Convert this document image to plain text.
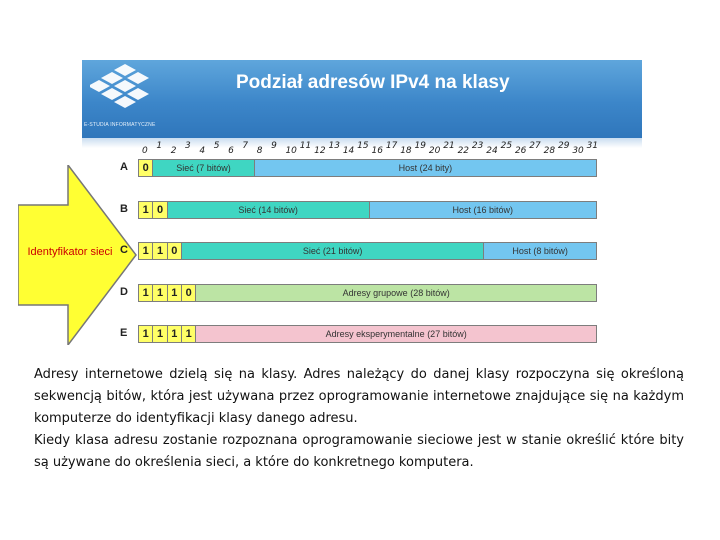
E-STUDIA INFORMATYCZNE
Podział adresów IPv4 na klasy
0 1 2 3 4 5 6 7 8 9 10 11 12 13 14 15 16 17 18 19 20 21 22 23 24 25 26 27 28 29 30 31
Identyfikator sieci
A	0	Sieć (7 bitów)	Host (24 bity)
B	1 0	Sieć (14 bitów)	Host (16 bitów)
C	1 1 0	Sieć (21 bitów)	Host (8 bitów)
D	1 1 1 0	Adresy grupowe (28 bitów)
E	1 1 1 1	Adresy eksperymentalne (27 bitów)

Adresy internetowe dzielą się na klasy. Adres należący do danej klasy rozpoczyna się określoną sekwencją bitów, która jest używana przez oprogramowanie internetowe znajdujące się na każdym komputerze do identyfikacji klasy danego adresu.

Kiedy klasa adresu zostanie rozpoznana oprogramowanie sieciowe jest w stanie określić które bity są używane do określenia sieci, a które do konkretnego komputera.
